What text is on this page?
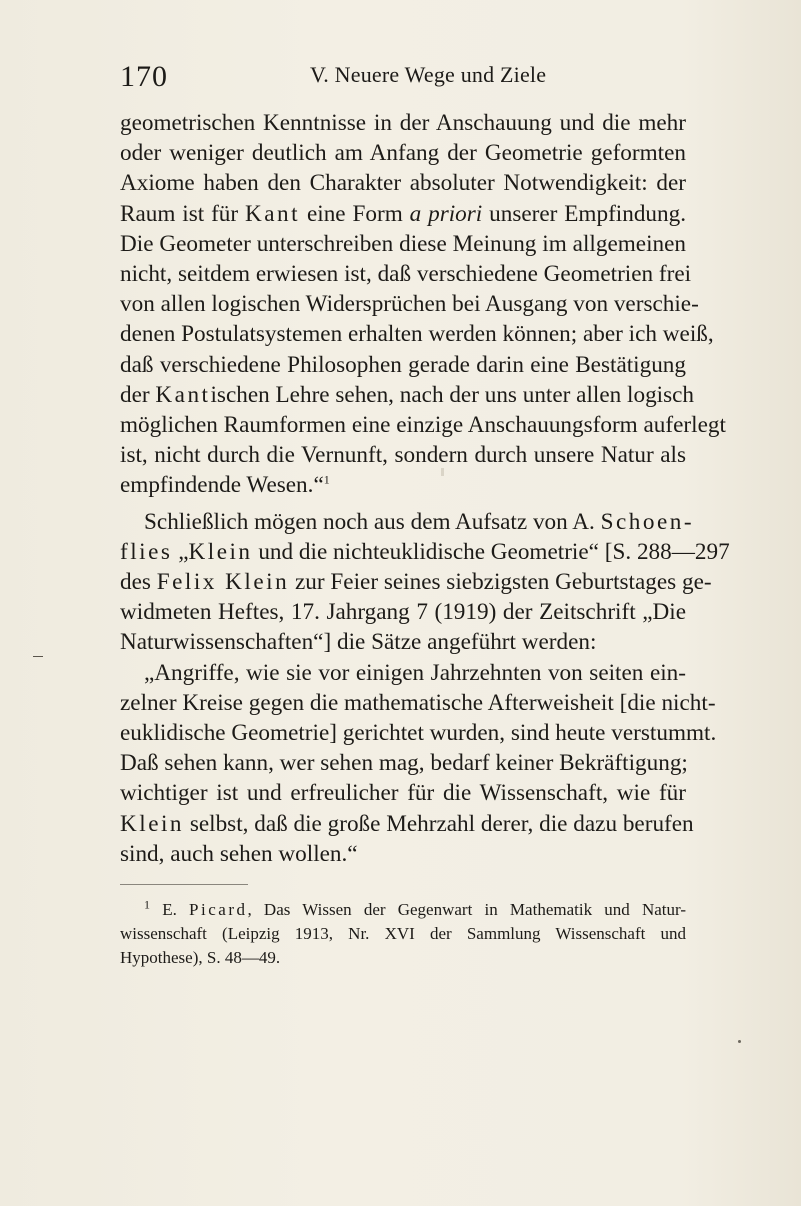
170	V. Neuere Wege und Ziele

geometrischen Kenntnisse in der Anschauung und die mehr
oder weniger deutlich am Anfang der Geometrie geformten
Axiome haben den Charakter absoluter Notwendigkeit: der
Raum ist für Kant eine Form a priori unserer Empfindung.
Die Geometer unterschreiben diese Meinung im allgemeinen
nicht, seitdem erwiesen ist, daß verschiedene Geometrien frei
von allen logischen Widersprüchen bei Ausgang von verschie-
denen Postulatsystemen erhalten werden können; aber ich weiß,
daß verschiedene Philosophen gerade darin eine Bestätigung
der Kantischen Lehre sehen, nach der uns unter allen logisch
möglichen Raumformen eine einzige Anschauungsform auferlegt
ist, nicht durch die Vernunft, sondern durch unsere Natur als
empfindende Wesen.“$^1$

Schließlich mögen noch aus dem Aufsatz von A. Schoen-
flies „Klein und die nichteuklidische Geometrie“ [S. 288—297
des Felix Klein zur Feier seines siebzigsten Geburtstages ge-
widmeten Heftes, 17. Jahrgang 7 (1919) der Zeitschrift „Die
Naturwissenschaften“] die Sätze angeführt werden:

„Angriffe, wie sie vor einigen Jahrzehnten von seiten ein-
zelner Kreise gegen die mathematische Afterweisheit [die nicht-
euklidische Geometrie] gerichtet wurden, sind heute verstummt.
Daß sehen kann, wer sehen mag, bedarf keiner Bekräftigung;
wichtiger ist und erfreulicher für die Wissenschaft, wie für
Klein selbst, daß die große Mehrzahl derer, die dazu berufen
sind, auch sehen wollen.“

$^1$ E. Picard, Das Wissen der Gegenwart in Mathematik und Natur-
wissenschaft (Leipzig 1913, Nr. XVI der Sammlung Wissenschaft und
Hypothese), S. 48—49.
